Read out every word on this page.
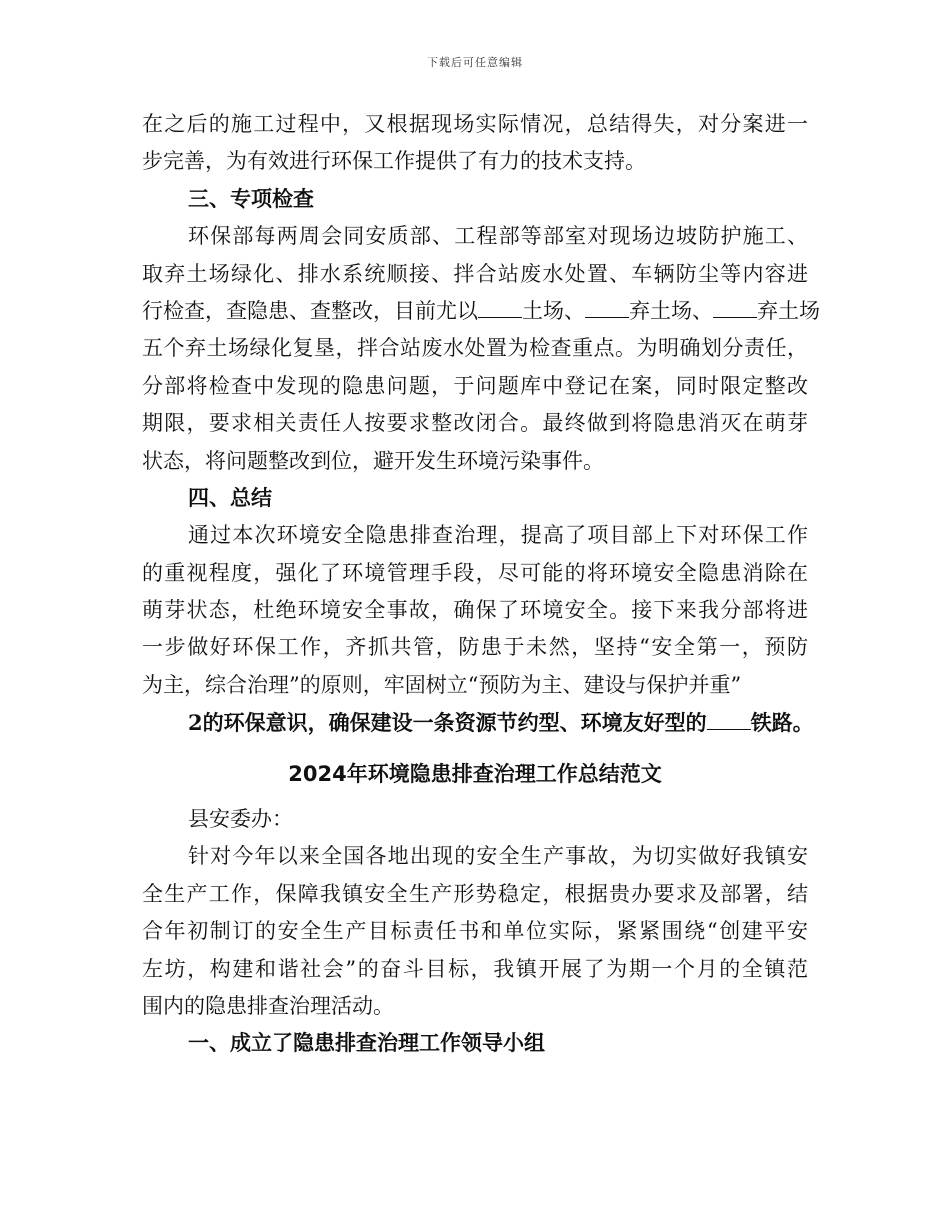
下载后可任意编辑
在之后的施工过程中，又根据现场实际情况，总结得失，对分案进一
步完善，为有效进行环保工作提供了有力的技术支持。
三、专项检查
环保部每两周会同安质部、工程部等部室对现场边坡防护施工、
取弃土场绿化、排水系统顺接、拌合站废水处置、车辆防尘等内容进
行检查，查隐患、查整改，目前尤以 土场、 弃土场、 弃土场
五个弃土场绿化复垦，拌合站废水处置为检查重点。为明确划分责任，
分部将检查中发现的隐患问题，于问题库中登记在案，同时限定整改
期限，要求相关责任人按要求整改闭合。最终做到将隐患消灭在萌芽
状态，将问题整改到位，避开发生环境污染事件。
四、总结
通过本次环境安全隐患排查治理，提高了项目部上下对环保工作
的重视程度，强化了环境管理手段，尽可能的将环境安全隐患消除在
萌芽状态，杜绝环境安全事故，确保了环境安全。接下来我分部将进
一步做好环保工作，齐抓共管，防患于未然，坚持“安全第一，预防
为主，综合治理”的原则，牢固树立“预防为主、建设与保护并重”
2的环保意识，确保建设一条资源节约型、环境友好型的 铁路。
2024年环境隐患排查治理工作总结范文
县安委办：
针对今年以来全国各地出现的安全生产事故，为切实做好我镇安
全生产工作，保障我镇安全生产形势稳定，根据贵办要求及部署，结
合年初制订的安全生产目标责任书和单位实际，紧紧围绕“创建平安
左坊，构建和谐社会”的奋斗目标，我镇开展了为期一个月的全镇范
围内的隐患排查治理活动。
一、成立了隐患排查治理工作领导小组
